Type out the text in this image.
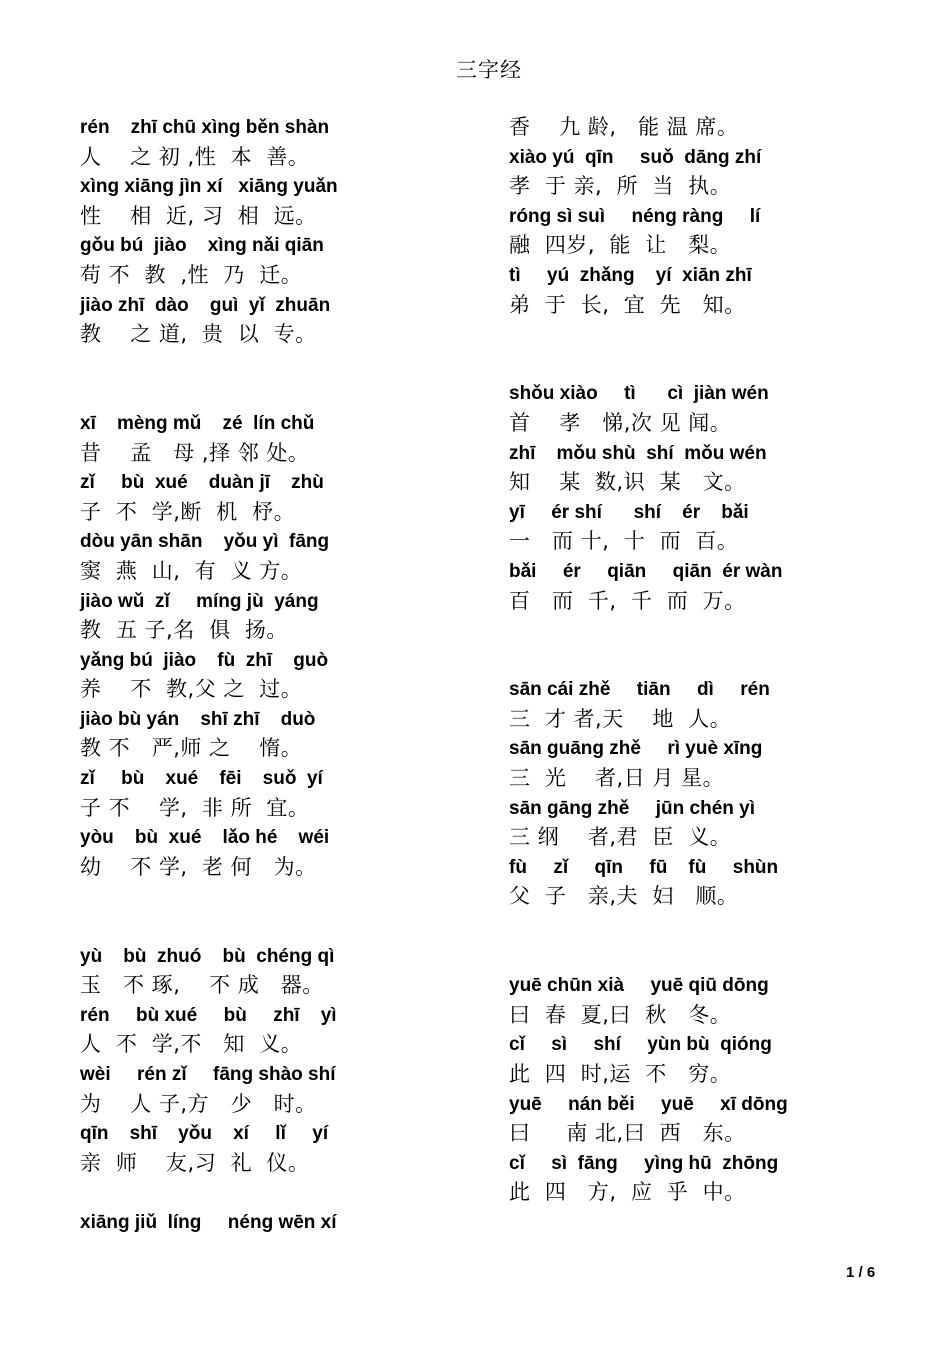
三字经
rén    zhī chū xìng běn shàn
人    之 初 ,性  本  善。
xìng xiāng jìn xí   xiāng yuǎn
性    相  近, 习  相  远。
gǒu bú  jiào    xìng nǎi qiān
苟 不  教  ,性  乃  迁。
jiào zhī  dào    guì  yǐ  zhuān
教    之 道,  贵  以  专。
xī    mèng mǔ    zé  lín chǔ
昔    孟   母 ,择 邻 处。
zǐ     bù  xué    duàn jī    zhù
子  不  学,断  机  杼。
dòu yān shān    yǒu yì  fāng
窦  燕  山,  有  义 方。
jiào wǔ  zǐ     míng jù  yáng
教  五 子,名  俱  扬。
yǎng bú  jiào    fù  zhī    guò
养    不  教,父 之  过。
jiào bù yán    shī zhī    duò
教 不   严,师 之    惰。
zǐ     bù    xué    fēi    suǒ  yí
子 不    学,  非 所  宜。
yòu    bù  xué    lǎo hé    wéi
幼    不 学,  老 何   为。
yù    bù  zhuó    bù  chéng qì
玉   不 琢,    不 成   器。
rén     bù xué     bù     zhī    yì
人  不  学,不   知  义。
wèi     rén zǐ     fāng shào shí
为    人 子,方   少   时。
qīn    shī    yǒu    xí     lǐ     yí
亲  师    友,习  礼  仪。
xiāng jiǔ  líng     néng wēn xí
香    九 龄,   能 温 席。
xiào yú  qīn     suǒ  dāng zhí
孝  于 亲,  所  当  执。
róng sì suì     néng ràng     lí
融  四岁,  能  让   梨。
tì     yú  zhǎng    yí  xiān zhī
弟  于  长,  宜  先   知。
shǒu xiào     tì      cì  jiàn wén
首    孝   悌,次 见 闻。
zhī    mǒu shù  shí  mǒu wén
知    某  数,识  某   文。
yī     ér shí      shí    ér    bǎi
一   而 十,  十  而  百。
bǎi     ér     qiān     qiān  ér wàn
百   而  千,  千  而  万。
sān cái zhě     tiān     dì     rén
三  才 者,天    地  人。
sān guāng zhě     rì yuè xīng
三  光    者,日 月 星。
sān gāng zhě     jūn chén yì
三 纲    者,君  臣  义。
fù     zǐ     qīn     fū    fù     shùn
父  子   亲,夫  妇   顺。
yuē chūn xià     yuē qiū dōng
曰  春  夏,曰  秋   冬。
cǐ     sì     shí     yùn bù  qióng
此  四  时,运  不   穷。
yuē     nán běi     yuē     xī dōng
曰     南 北,曰  西   东。
cǐ     sì  fāng     yìng hū  zhōng
此  四   方,  应  乎  中。
1 / 6
